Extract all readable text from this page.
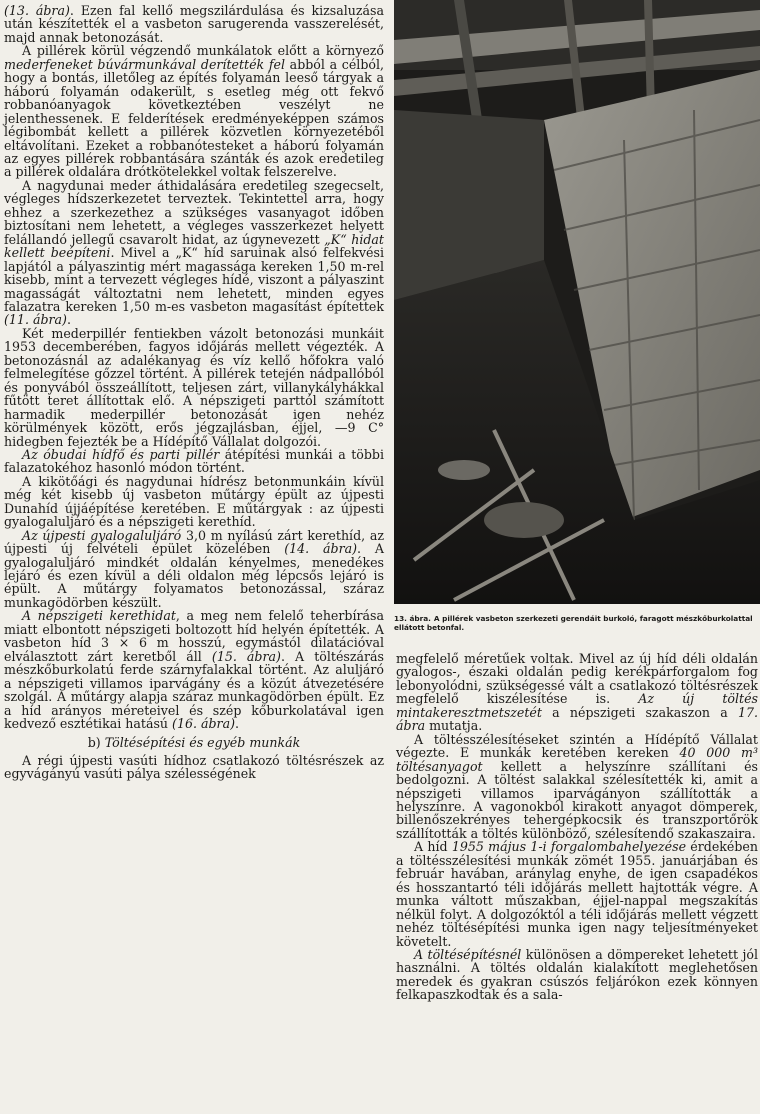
(13. ábra). Ezen fal kellő megszilárdulása és kizsaluzása után készítették el a vasbeton sarugerenda vasszerelését, majd annak betonozását.

A pillérek körül végzendő munkálatok előtt a környező mederfeneket búvármunkával derítették fel abból a célból, hogy a bontás, illetőleg az építés folyamán leeső tárgyak a háború folyamán odakerült, s esetleg még ott fekvő robbanóanyagok következtében veszélyt ne jelenthessenek. E felderítések eredményeképpen számos légibombát kellett a pillérek közvetlen környezetéből eltávolítani. Ezeket a robbanótesteket a háború folyamán az egyes pillérek robbantására szánták és azok eredetileg a pillérek oldalára drótkötelekkel voltak felszerelve.

A nagydunai meder áthidalására eredetileg szegecselt, végleges hídszerkezetet terveztek. Tekintettel arra, hogy ehhez a szerkezethez a szükséges vasanyagot időben biztosítani nem lehetett, a végleges vasszerkezet helyett felállandó jellegű csavarolt hidat, az úgynevezett „K“ hidat kellett beépíteni. Mivel a „K“ híd saruinak alsó felfekvési lapjától a pályaszintig mért magassága kereken 1,50 m-rel kisebb, mint a tervezett végleges hídé, viszont a pályaszint magasságát változtatni nem lehetett, minden egyes falazatra kereken 1,50 m-es vasbeton magasítást építettek (11. ábra).

Két mederpillér fentiekben vázolt betonozási munkáit 1953 decemberében, fagyos időjárás mellett végezték. A betonozásnál az adalékanyag és víz kellő hőfokra való felmelegítése gőzzel történt. A pillérek tetején nádpallóból és ponyvából összeállított, teljesen zárt, villanykályhákkal fűtött teret állítottak elő. A népszigeti parttól számított harmadik mederpillér betonozását igen nehéz körülmények között, erős jégzajlásban, éjjel, —9 C° hidegben fejezték be a Hídépítő Vállalat dolgozói.

Az óbudai hídfő és parti pillér átépítési munkái a többi falazatokéhoz hasonló módon történt.

A kikötőági és nagydunai hídrész betonmunkáin kívül még két kisebb új vasbeton műtárgy épült az újpesti Dunahíd újjáépítése keretében. E műtárgyak : az újpesti gyalogaluljáró és a népszigeti kerethíd.

Az újpesti gyalogaluljáró 3,0 m nyílású zárt kerethíd, az újpesti új felvételi épület közelében (14. ábra). A gyalogaluljáró mindkét oldalán kényelmes, menedékes lejáró és ezen kívül a déli oldalon még lépcsős lejáró is épült. A műtárgy folyamatos betonozással, száraz munkagödörben készült.

A népszigeti kerethidat, a meg nem felelő teherbírása miatt elbontott népszigeti boltozott híd helyén építették. A vasbeton híd 3 × 6 m hosszú, egymástól dilatációval elválasztott zárt keretből áll (15. ábra). A töltészárás mészkőburkolatú ferde szárnyfalakkal történt. Az aluljáró a népszigeti villamos iparvágány és a közút átvezetésére szolgál. A műtárgy alapja száraz munkagödörben épült. Ez a híd arányos méreteivel és szép kőburkolatával igen kedvező esztétikai hatású (16. ábra).

b) Töltésépítési és egyéb munkák

A régi újpesti vasúti hídhoz csatlakozó töltésrészek az egyvágányú vasúti pálya szélességének

13. ábra. A pillérek vasbeton szerkezeti gerendáit burkoló, faragott mészkőburkolattal ellátott betonfal.

megfelelő méretűek voltak. Mivel az új híd déli oldalán gyalogos-, északi oldalán pedig kerékpárforgalom fog lebonyolódni, szükségessé vált a csatlakozó töltésrészek megfelelő kiszélesítése is. Az új töltés mintakeresztmetszetét a népszigeti szakaszon a 17. ábra mutatja.

A töltésszélesítéseket szintén a Hídépítő Vállalat végezte. E munkák keretében kereken 40 000 m³ töltésanyagot kellett a helyszínre szállítani és bedolgozni. A töltést salakkal szélesítették ki, amit a népszigeti villamos iparvágányon szállították a helyszínre. A vagonokból kirakott anyagot dömperek, billenőszekrényes tehergépkocsik és transzportőrök szállították a töltés különböző, szélesítendő szakaszaira.

A híd 1955 május 1-i forgalombahelyezése érdekében a töltésszélesítési munkák zömét 1955. januárjában és február havában, aránylag enyhe, de igen csapadékos és hosszantartó téli időjárás mellett hajtották végre. A munka váltott műszakban, éjjel-nappal megszakítás nélkül folyt. A dolgozóktól a téli időjárás mellett végzett nehéz töltésépítési munka igen nagy teljesítményeket követelt.

A töltésépítésnél különösen a dömpereket lehetett jól használni. A töltés oldalán kialakított meglehetősen meredek és gyakran csúszós feljárókon ezek könnyen felkapaszkodtak és a sala-
